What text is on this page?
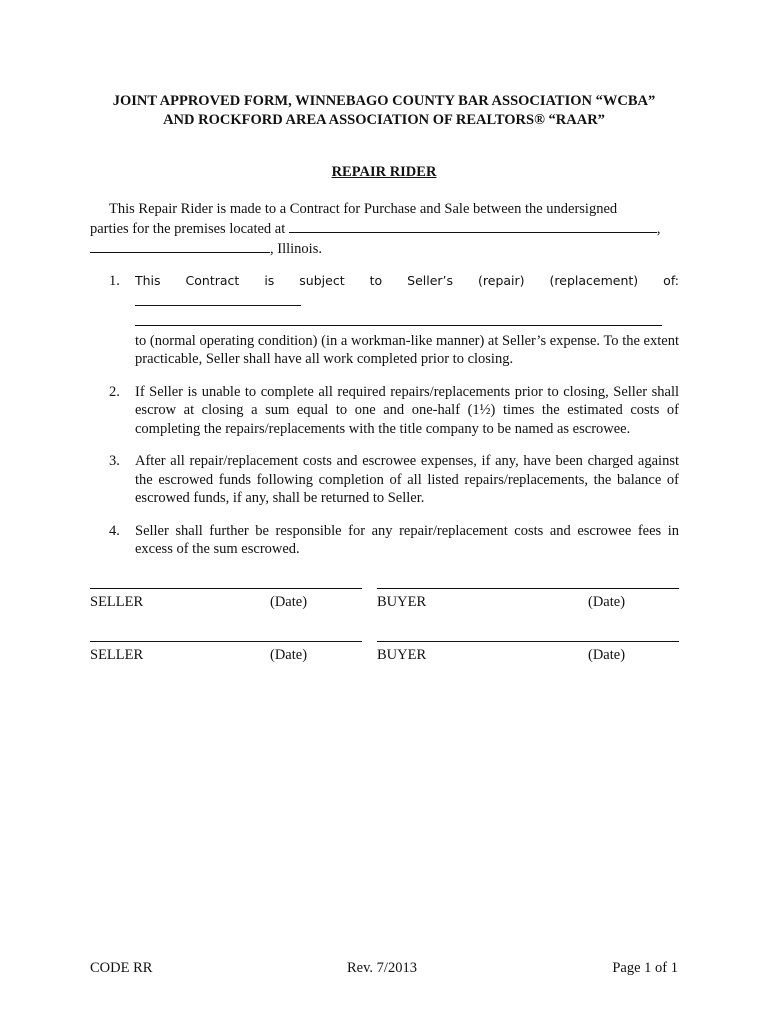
JOINT APPROVED FORM, WINNEBAGO COUNTY BAR ASSOCIATION “WCBA”
AND ROCKFORD AREA ASSOCIATION OF REALTORS® “RAAR”
REPAIR RIDER

This Repair Rider is made to a Contract for Purchase and Sale between the undersigned

parties for the premises located at	,

, Illinois.

1. This Contract is subject to Seller’s (repair) (replacement) of:
to (normal operating condition) (in a workman-like manner) at Seller’s expense. To the extent practicable, Seller shall have all work completed prior to closing.
2. If Seller is unable to complete all required repairs/replacements prior to closing, Seller shall escrow at closing a sum equal to one and one-half (1½) times the estimated costs of completing the repairs/replacements with the title company to be named as escrowee.
3. After all repair/replacement costs and escrowee expenses, if any, have been charged against the escrowed funds following completion of all listed repairs/replacements, the balance of escrowed funds, if any, shall be returned to Seller.
4. Seller shall further be responsible for any repair/replacement costs and escrowee fees in excess of the sum escrowed.
SELLER	(Date)	BUYER	(Date)
SELLER	(Date)	BUYER	(Date)
CODE RR	Rev. 7/2013	Page 1 of 1
